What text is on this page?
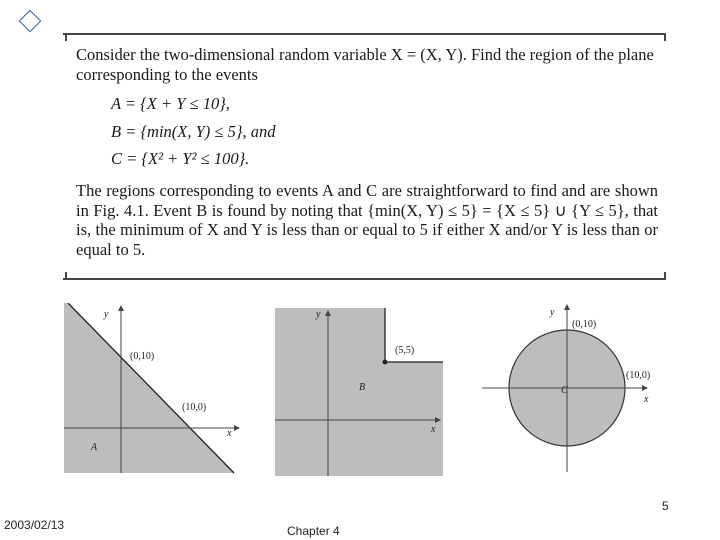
Consider the two-dimensional random variable X = (X, Y). Find the region of the plane corresponding to the events
A = {X + Y ≤ 10},
B = {min(X, Y) ≤ 5}, and
C = {X² + Y² ≤ 100}.
The regions corresponding to events A and C are straightforward to find and are shown in Fig. 4.1. Event B is found by noting that {min(X, Y) ≤ 5} = {X ≤ 5} ∪ {Y ≤ 5}, that is, the minimum of X and Y is less than or equal to 5 if either X and/or Y is less than or equal to 5.
y
x
(0,10)
(10,0)
A
y
x
(5,5)
B
y
x
(0,10)
(10,0)
C
5
2003/02/13	Chapter 4
